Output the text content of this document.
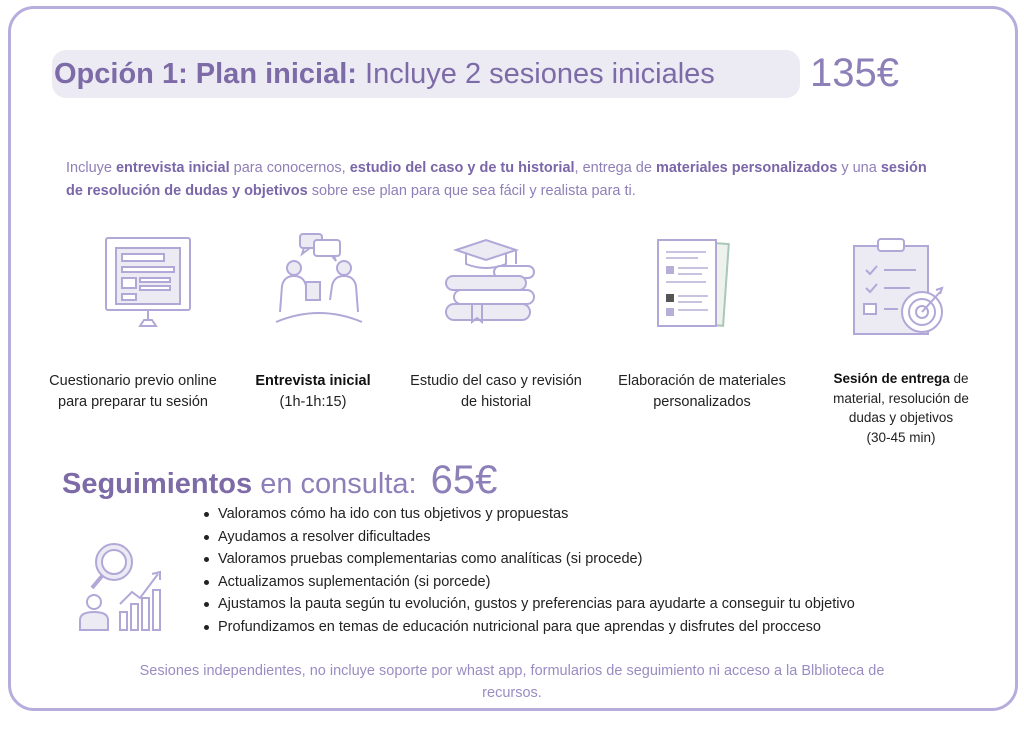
Opción 1: Plan inicial: Incluye 2 sesiones iniciales 135€
Incluye entrevista inicial para conocernos, estudio del caso y de tu historial, entrega de materiales personalizados y una sesión de resolución de dudas y objetivos sobre ese plan para que sea fácil y realista para ti.
Cuestionario previo online
para preparar tu sesión
Entrevista inicial
(1h-1h:15)
Estudio del caso y revisión
de historial
Elaboración de materiales
personalizados
Sesión de entrega de
material, resolución de
dudas y objetivos
(30-45 min)
Seguimientos en consulta: 65€
Valoramos cómo ha ido con tus objetivos y propuestas
Ayudamos a resolver dificultades
Valoramos pruebas complementarias como analíticas (si procede)
Actualizamos suplementación (si porcede)
Ajustamos la pauta según tu evolución, gustos y preferencias para ayudarte a conseguir tu objetivo
Profundizamos en temas de educación nutricional para que aprendas y disfrutes del procceso
Sesiones independientes, no incluye soporte por whast app, formularios de seguimiento ni acceso a la Blblioteca de
recursos.
